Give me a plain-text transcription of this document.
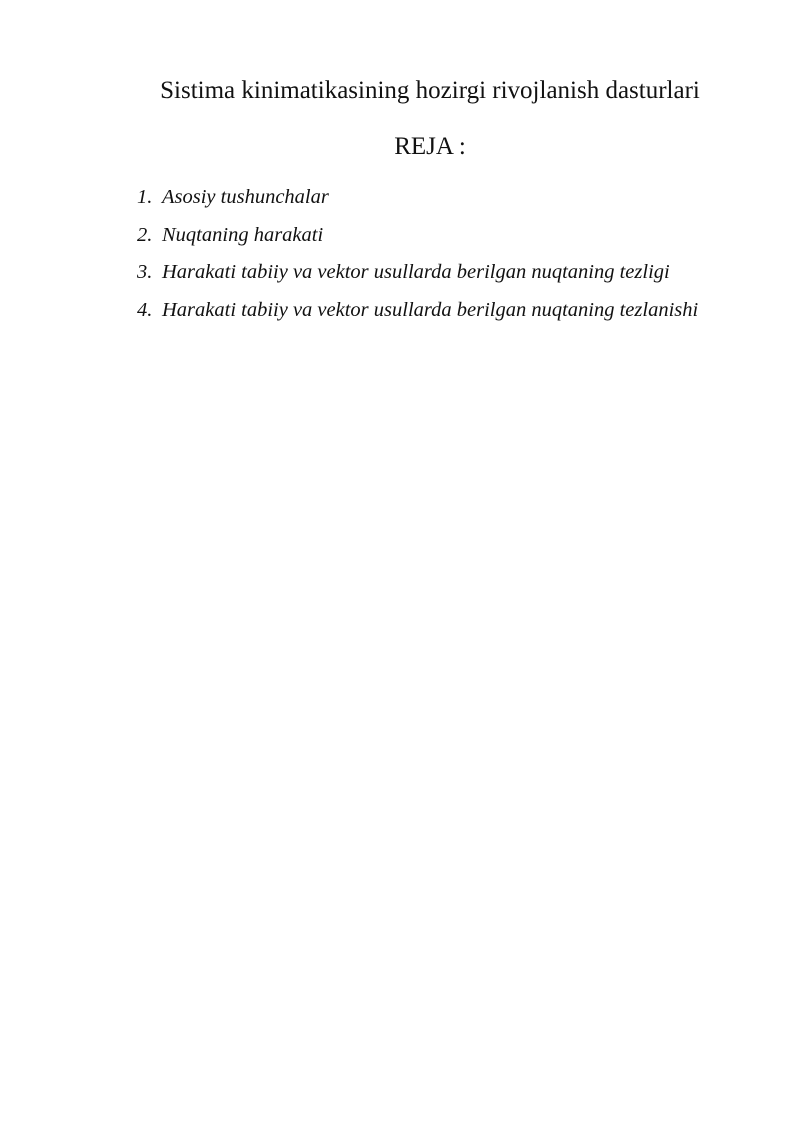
Sistima kinimatikasining hozirgi rivojlanish dasturlari
REJA :
1. Asosiy tushunchalar
2. Nuqtaning harakati
3. Harakati tabiiy va vektor usullarda berilgan nuqtaning tezligi
4. Harakati tabiiy va vektor usullarda berilgan nuqtaning tezlanishi
